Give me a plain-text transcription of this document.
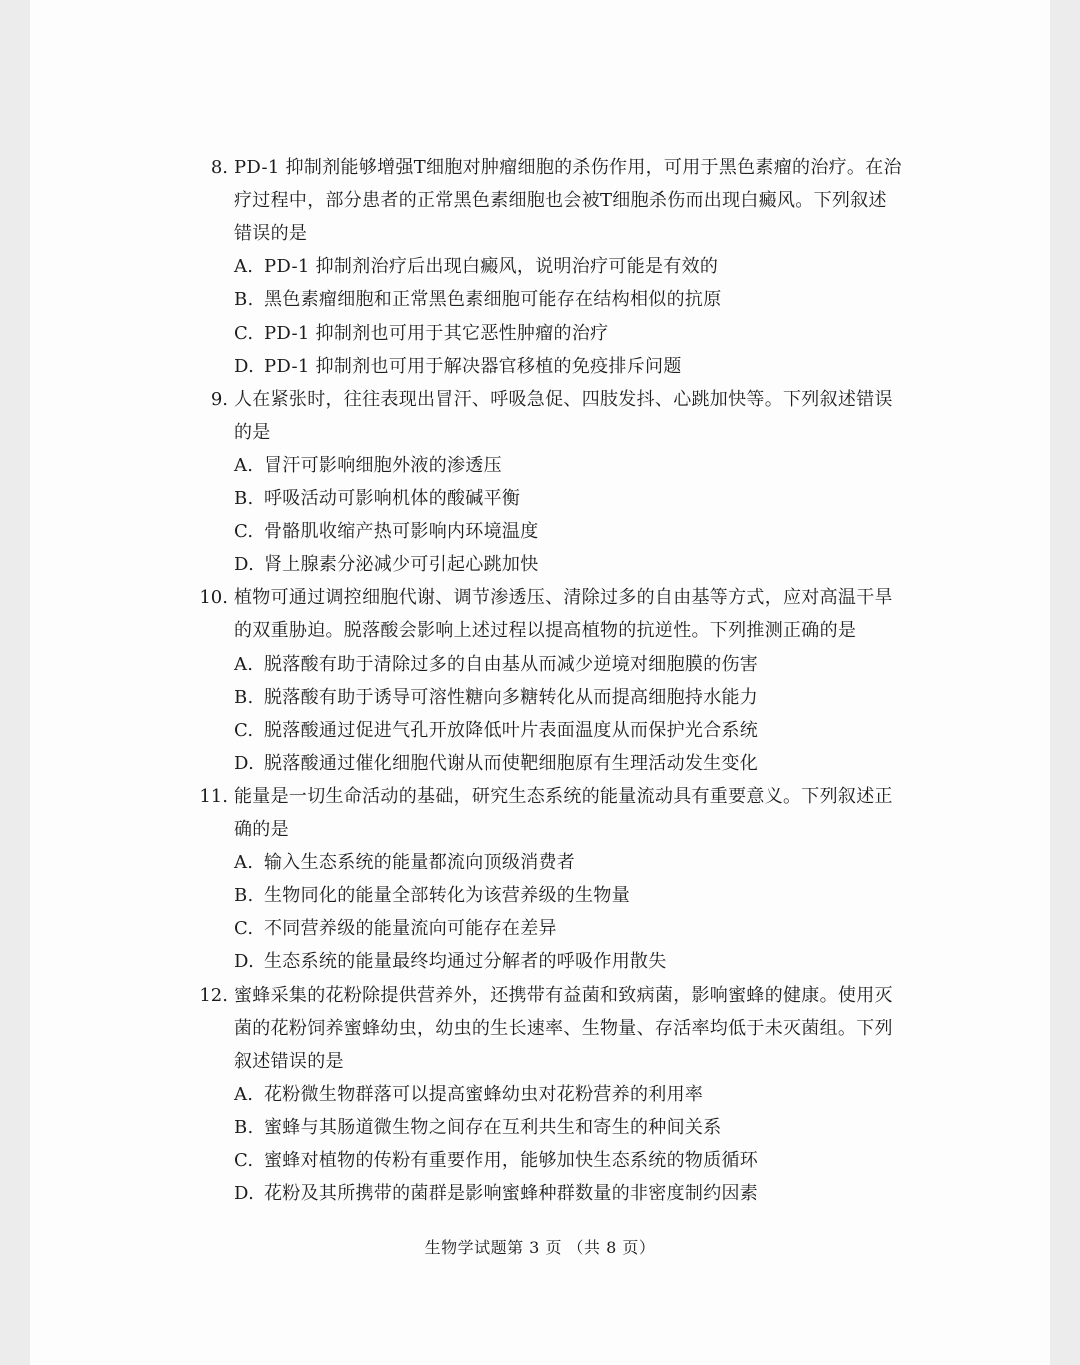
8. PD-1 抑制剂能够增强T细胞对肿瘤细胞的杀伤作用，可用于黑色素瘤的治疗。在治
疗过程中，部分患者的正常黑色素细胞也会被T细胞杀伤而出现白癜风。下列叙述
错误的是
A. PD-1 抑制剂治疗后出现白癜风，说明治疗可能是有效的
B. 黑色素瘤细胞和正常黑色素细胞可能存在结构相似的抗原
C. PD-1 抑制剂也可用于其它恶性肿瘤的治疗
D. PD-1 抑制剂也可用于解决器官移植的免疫排斥问题
9. 人在紧张时，往往表现出冒汗、呼吸急促、四肢发抖、心跳加快等。下列叙述错误
的是
A. 冒汗可影响细胞外液的渗透压
B. 呼吸活动可影响机体的酸碱平衡
C. 骨骼肌收缩产热可影响内环境温度
D. 肾上腺素分泌减少可引起心跳加快
10. 植物可通过调控细胞代谢、调节渗透压、清除过多的自由基等方式，应对高温干旱
的双重胁迫。脱落酸会影响上述过程以提高植物的抗逆性。下列推测正确的是
A. 脱落酸有助于清除过多的自由基从而减少逆境对细胞膜的伤害
B. 脱落酸有助于诱导可溶性糖向多糖转化从而提高细胞持水能力
C. 脱落酸通过促进气孔开放降低叶片表面温度从而保护光合系统
D. 脱落酸通过催化细胞代谢从而使靶细胞原有生理活动发生变化
11. 能量是一切生命活动的基础，研究生态系统的能量流动具有重要意义。下列叙述正
确的是
A. 输入生态系统的能量都流向顶级消费者
B. 生物同化的能量全部转化为该营养级的生物量
C. 不同营养级的能量流向可能存在差异
D. 生态系统的能量最终均通过分解者的呼吸作用散失
12. 蜜蜂采集的花粉除提供营养外，还携带有益菌和致病菌，影响蜜蜂的健康。使用灭
菌的花粉饲养蜜蜂幼虫，幼虫的生长速率、生物量、存活率均低于未灭菌组。下列
叙述错误的是
A. 花粉微生物群落可以提高蜜蜂幼虫对花粉营养的利用率
B. 蜜蜂与其肠道微生物之间存在互利共生和寄生的种间关系
C. 蜜蜂对植物的传粉有重要作用，能够加快生态系统的物质循环
D. 花粉及其所携带的菌群是影响蜜蜂种群数量的非密度制约因素
生物学试题第 3 页 （共 8 页）
